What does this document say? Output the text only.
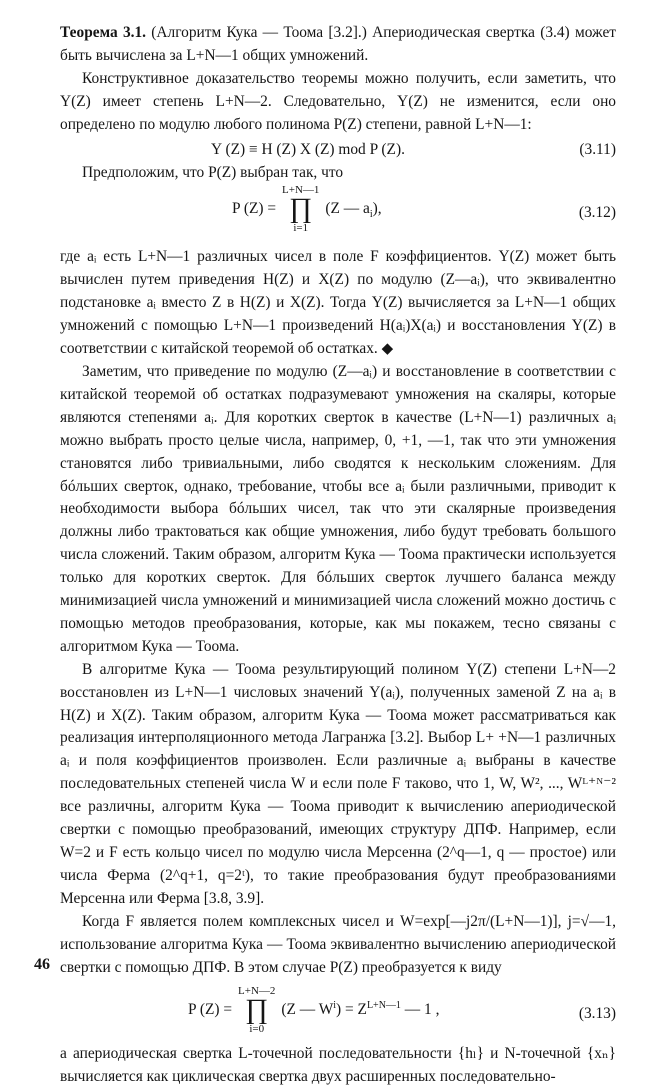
Теорема 3.1. (Алгоритм Кука — Тоома [3.2].) Апериодическая свертка (3.4) может быть вычислена за L+N—1 общих умножений.

Конструктивное доказательство теоремы можно получить, если заметить, что Y(Z) имеет степень L+N—2. Следовательно, Y(Z) не изменится, если оно определено по модулю любого полинома P(Z) степени, равной L+N—1:

Y (Z) ≡ H (Z) X (Z) mod P (Z).	(3.11)

Предположим, что P(Z) выбран так, что

P (Z) =
L+N—1
∏
i=1
(Z — $a_i$),	(3.12)

где aᵢ есть L+N—1 различных чисел в поле F коэффициентов. Y(Z) может быть вычислен путем приведения H(Z) и X(Z) по модулю (Z—aᵢ), что эквивалентно подстановке aᵢ вместо Z в H(Z) и X(Z). Тогда Y(Z) вычисляется за L+N—1 общих умножений с помощью L+N—1 произведений H(aᵢ)X(aᵢ) и восстановления Y(Z) в соответствии с китайской теоремой об остатках. ◆

Заметим, что приведение по модулю (Z—aᵢ) и восстановление в соответствии с китайской теоремой об остатках подразумевают умножения на скаляры, которые являются степенями aᵢ. Для коротких сверток в качестве (L+N—1) различных aᵢ можно выбрать просто целые числа, например, 0, +1, —1, так что эти умножения становятся либо тривиальными, либо сводятся к нескольким сложениям. Для бóльших сверток, однако, требование, чтобы все aᵢ были различными, приводит к необходимости выбора бóльших чисел, так что эти скалярные произведения должны либо трактоваться как общие умножения, либо будут требовать большого числа сложений. Таким образом, алгоритм Кука — Тоома практически используется только для коротких сверток. Для бóльших сверток лучшего баланса между минимизацией числа умножений и минимизацией числа сложений можно достичь с помощью методов преобразования, которые, как мы покажем, тесно связаны с алгоритмом Кука — Тоома.

В алгоритме Кука — Тоома результирующий полином Y(Z) степени L+N—2 восстановлен из L+N—1 числовых значений Y(aᵢ), полученных заменой Z на aᵢ в H(Z) и X(Z). Таким образом, алгоритм Кука — Тоома может рассматриваться как реализация интерполяционного метода Лагранжа [3.2]. Выбор L+ +N—1 различных aᵢ и поля коэффициентов произволен. Если различные aᵢ выбраны в качестве последовательных степеней числа W и если поле F таково, что 1, W, W², ..., Wᴸ⁺ᴺ⁻² все различны, алгоритм Кука — Тоома приводит к вычислению апериодической свертки с помощью преобразований, имеющих структуру ДПФ. Например, если W=2 и F есть кольцо чисел по модулю числа Мерсенна (2^q—1, q — простое) или числа Ферма (2^q+1, q=2ᵗ), то такие преобразования будут преобразованиями Мерсенна или Ферма [3.8, 3.9].

Когда F является полем комплексных чисел и W=exp[—j2π/(L+N—1)], j=√—1, использование алгоритма Кука — Тоома эквивалентно вычислению апериодической свертки с помощью ДПФ. В этом случае P(Z) преобразуется к виду

P (Z) =
L+N—2
∏
i=0
(Z — $W^i) = Z^{L+N—1}$ — 1 ,	(3.13)

а апериодическая свертка L-точечной последовательности {hₗ} и N-точечной {xₙ} вычисляется как циклическая свертка двух расширенных последовательно-

46
